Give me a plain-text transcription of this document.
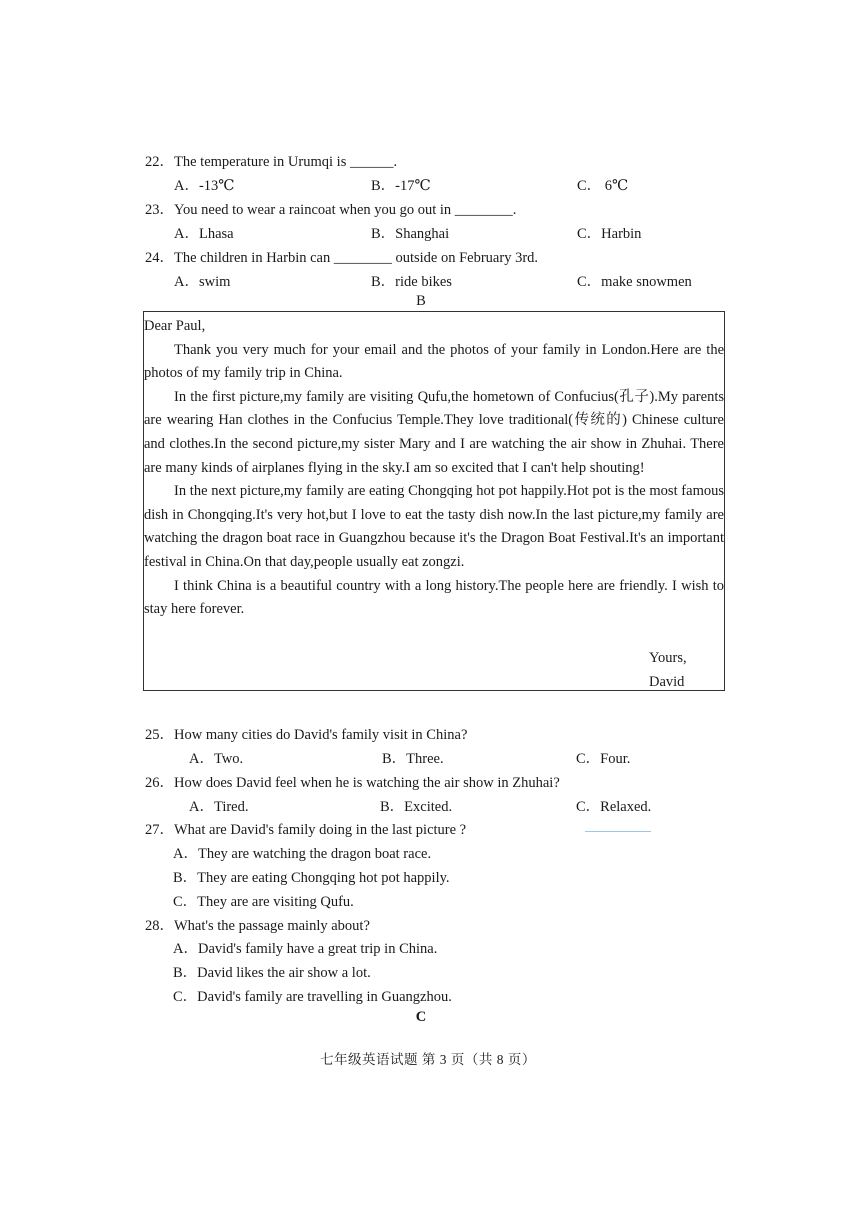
22．The temperature in Urumqi is ______.
A．-13℃	B．-17℃	C． 6℃
23．You need to wear a raincoat when you go out in ________.
A．Lhasa	B．Shanghai	C．Harbin
24．The children in Harbin can ________ outside on February 3rd.
A．swim	B．ride bikes	C．make snowmen
B

Dear Paul,

Thank you very much for your email and the photos of your family in London.Here are the photos of my family trip in China.

In the first picture,my family are visiting Qufu,the hometown of Confucius(孔子).My parents are wearing Han clothes in the Confucius Temple.They love traditional(传统的) Chinese culture and clothes.In the second picture,my sister Mary and I are watching the air show in Zhuhai. There are many kinds of airplanes flying in the sky.I am so excited that I can't help shouting!

In the next picture,my family are eating Chongqing hot pot happily.Hot pot is the most famous dish in Chongqing.It's very hot,but I love to eat the tasty dish now.In the last picture,my family are watching the dragon boat race in Guangzhou because it's the Dragon Boat Festival.It's an important festival in China.On that day,people usually eat zongzi.

I think China is a beautiful country with a long history.The people here are friendly. I wish to stay here forever.

Yours,
David
25．How many cities do David's family visit in China?
A．Two.	B．Three.	C．Four.
26．How does David feel when he is watching the air show in Zhuhai?
A．Tired.	B．Excited.	C．Relaxed.
27．What are David's family doing in the last picture ?
A．They are watching the dragon boat race.
B．They are eating Chongqing hot pot happily.
C．They are are visiting Qufu.
28．What's the passage mainly about?
A．David's family have a great trip in China.
B．David likes the air show a lot.
C．David's family are travelling in Guangzhou.
C
七年级英语试题 第 3 页（共 8 页）
